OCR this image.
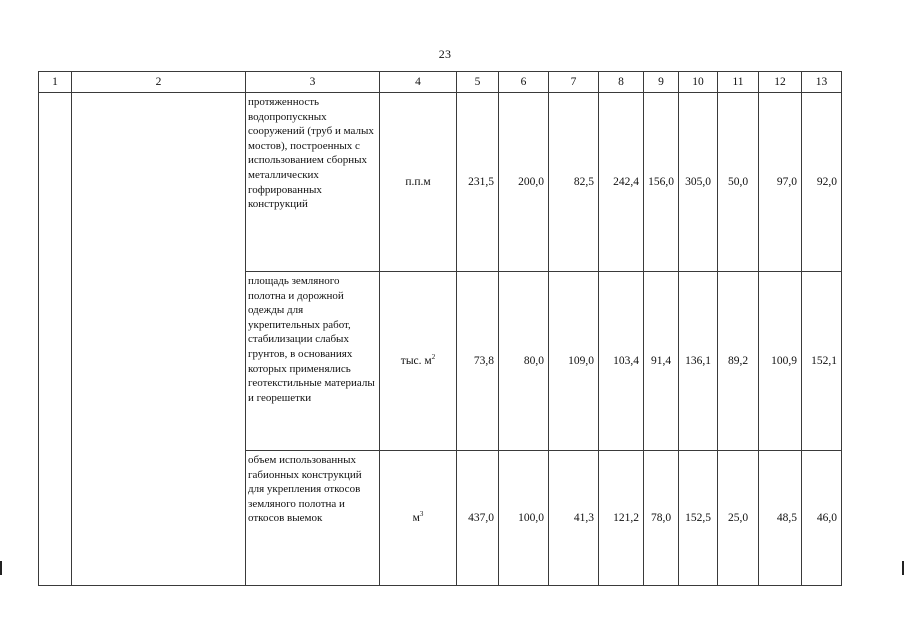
23
1	2	3	4	5	6	7	8	9	10	11	12	13
		протяженность водопропускных сооружений (труб и малых мостов), построенных с использованием сборных металлических гофрированных конструкций	п.п.м	231,5	200,0	82,5	242,4	156,0	305,0	50,0	97,0	92,0
		площадь земляного полотна и дорожной одежды для укрепительных работ, стабилизации слабых грунтов, в основаниях которых применялись геотекстильные материалы и георешетки	тыс. $м^2$	73,8	80,0	109,0	103,4	91,4	136,1	89,2	100,9	152,1
		объем использованных габионных конструкций для укрепления откосов земляного полотна и откосов выемок	$м^3$	437,0	100,0	41,3	121,2	78,0	152,5	25,0	48,5	46,0
